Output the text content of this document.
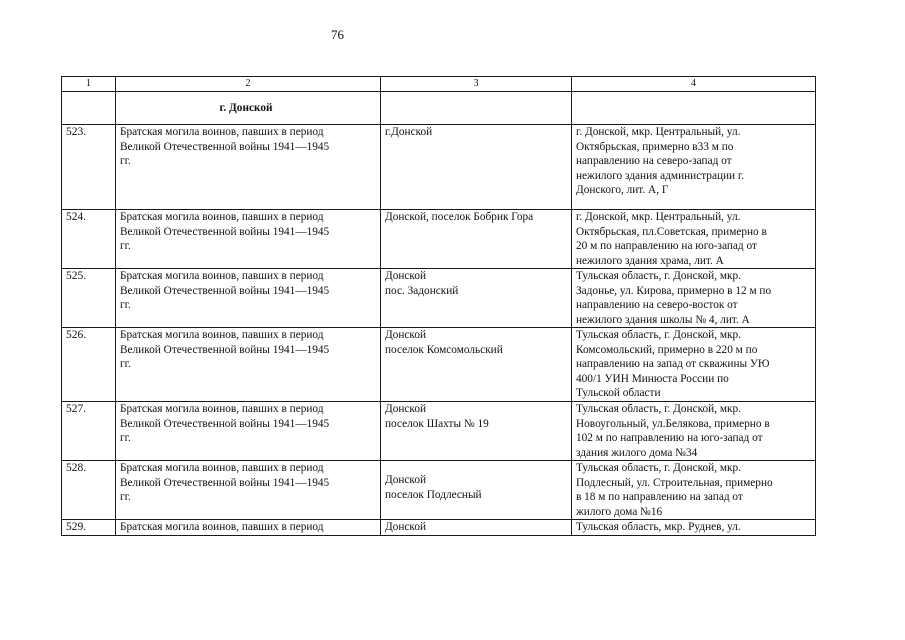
76
1	2	3	4
	г. Донской		
523.	Братская могила воинов, павших в период
Великой Отечественной войны 1941—1945
гг.	г.Донской	г. Донской, мкр. Центральный, ул.
Октябрьская, примерно в33 м по
направлению на северо-запад от
нежилого здания администрации г.
Донского, лит. А, Г

524.	Братская могила воинов, павших в период
Великой Отечественной войны 1941—1945
гг.	Донской, поселок Бобрик Гора	г. Донской, мкр. Центральный, ул.
Октябрьская, пл.Советская, примерно в
20 м по направлению на юго-запад от
нежилого здания храма, лит. А

525.	Братская могила воинов, павших в период
Великой Отечественной войны 1941—1945
гг.	Донской
пос. Задонский	Тульская область, г. Донской, мкр.
Задонье, ул. Кирова, примерно в 12 м по
направлению на северо-восток от
нежилого здания школы № 4, лит. А

526.	Братская могила воинов, павших в период
Великой Отечественной войны 1941—1945
гг.	Донской
поселок Комсомольский	Тульская область, г. Донской, мкр.
Комсомольский, примерно в 220 м по
направлению на запад от скважины УЮ
400/1 УИН Минюста России по
Тульской области

527.	Братская могила воинов, павших в период
Великой Отечественной войны 1941—1945
гг.	Донской
поселок Шахты № 19	Тульская область, г. Донской, мкр.
Новоугольный, ул.Белякова, примерно в
102 м по направлению на юго-запад от
здания жилого дома №34

528.	Братская могила воинов, павших в период
Великой Отечественной войны 1941—1945
гг.	Донской
поселок Подлесный	Тульская область, г. Донской, мкр.
Подлесный, ул. Строительная, примерно
в 18 м по направлению на запад от
жилого дома №16

529.	Братская могила воинов, павших в период	Донской	Тульская область, мкр. Руднев, ул.
